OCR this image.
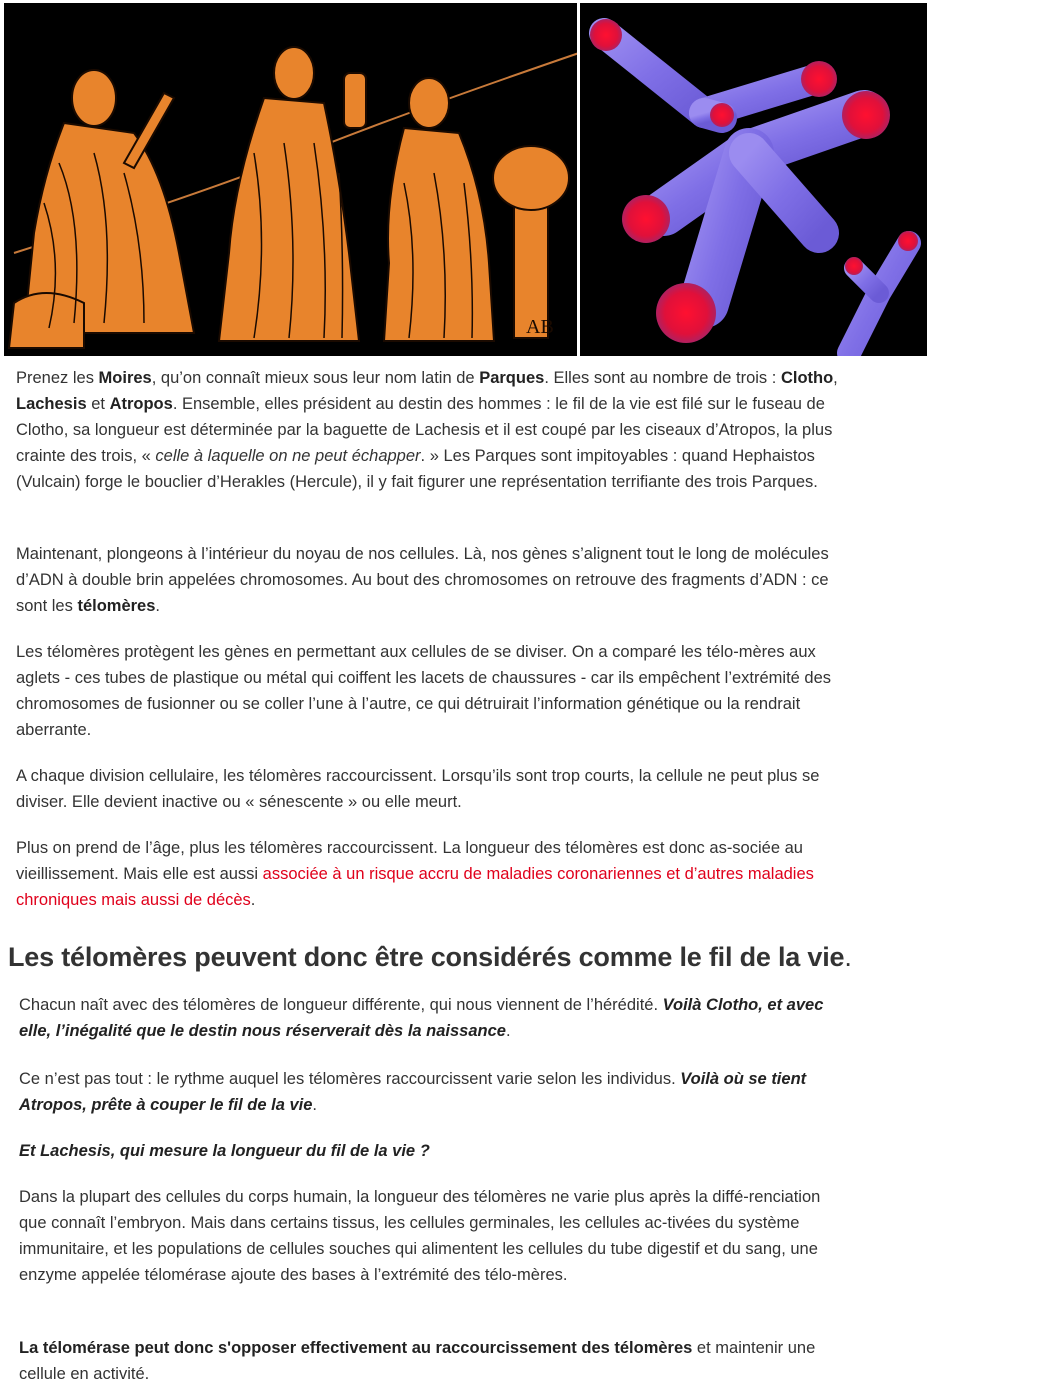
AB

Prenez les Moires, qu’on connaît mieux sous leur nom latin de Parques. Elles sont au nombre de trois : Clotho, Lachesis et Atropos. Ensemble, elles président au destin des hommes : le fil de la vie est filé sur le fuseau de Clotho, sa longueur est déterminée par la baguette de Lachesis et il est coupé par les ciseaux d’Atropos, la plus crainte des trois, « celle à laquelle on ne peut échapper. » Les Parques sont impitoyables : quand Hephaistos (Vulcain) forge le bouclier d’Herakles (Hercule), il y fait figurer une représentation terrifiante des trois Parques.

Maintenant, plongeons à l’intérieur du noyau de nos cellules. Là, nos gènes s’alignent tout le long de molécules d’ADN à double brin appelées chromosomes. Au bout des chromosomes on retrouve des fragments d’ADN : ce sont les télomères.

Les télomères protègent les gènes en permettant aux cellules de se diviser. On a comparé les télo-mères aux aglets - ces tubes de plastique ou métal qui coiffent les lacets de chaussures - car ils empêchent l’extrémité des chromosomes de fusionner ou se coller l’une à l’autre, ce qui détruirait l’information génétique ou la rendrait aberrante.

A chaque division cellulaire, les télomères raccourcissent. Lorsqu’ils sont trop courts, la cellule ne peut plus se diviser. Elle devient inactive ou « sénescente » ou elle meurt.

Plus on prend de l’âge, plus les télomères raccourcissent. La longueur des télomères est donc as-sociée au vieillissement. Mais elle est aussi associée à un risque accru de maladies coronariennes et d’autres maladies chroniques mais aussi de décès.

Les télomères peuvent donc être considérés comme le fil de la vie.

Chacun naît avec des télomères de longueur différente, qui nous viennent de l’hérédité. Voilà Clotho, et avec elle, l’inégalité que le destin nous réserverait dès la naissance.

Ce n’est pas tout : le rythme auquel les télomères raccourcissent varie selon les individus. Voilà où se tient Atropos, prête à couper le fil de la vie.

Et Lachesis, qui mesure la longueur du fil de la vie ?

Dans la plupart des cellules du corps humain, la longueur des télomères ne varie plus après la diffé-renciation que connaît l’embryon. Mais dans certains tissus, les cellules germinales, les cellules ac-tivées du système immunitaire, et les populations de cellules souches qui alimentent les cellules du tube digestif et du sang, une enzyme appelée télomérase ajoute des bases à l’extrémité des télo-mères.

La télomérase peut donc s'opposer effectivement au raccourcissement des télomères et maintenir une cellule en activité.
